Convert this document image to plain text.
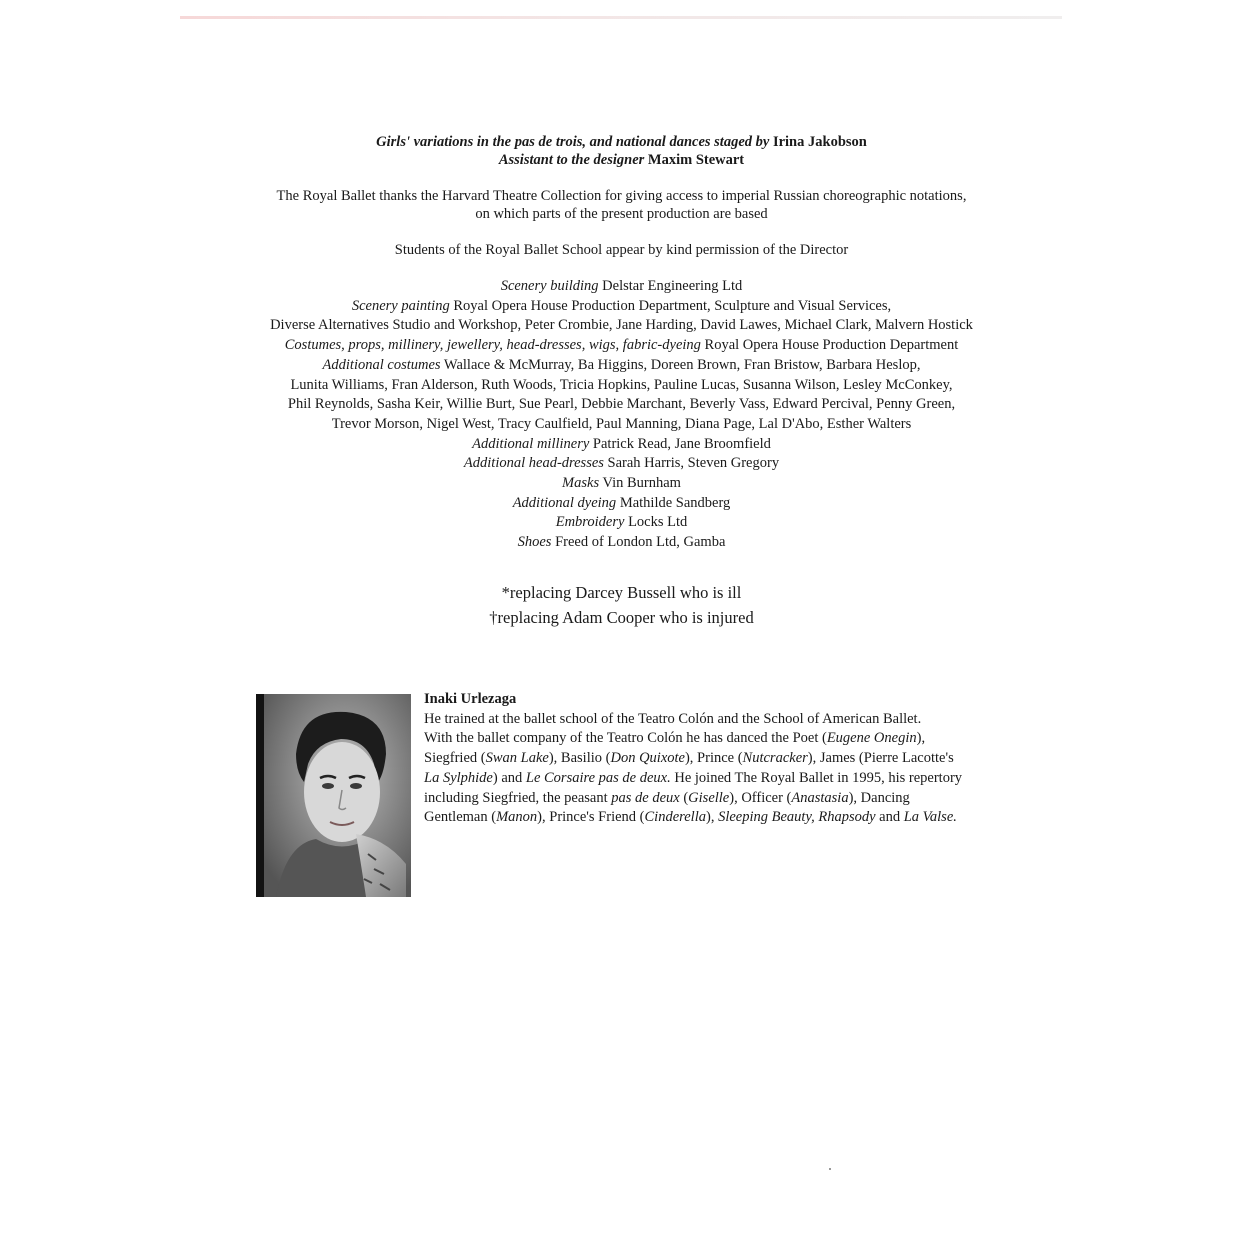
Girls' variations in the pas de trois, and national dances staged by Irina Jakobson
Assistant to the designer Maxim Stewart
The Royal Ballet thanks the Harvard Theatre Collection for giving access to imperial Russian choreographic notations,
on which parts of the present production are based
Students of the Royal Ballet School appear by kind permission of the Director
Scenery building Delstar Engineering Ltd
Scenery painting Royal Opera House Production Department, Sculpture and Visual Services,
Diverse Alternatives Studio and Workshop, Peter Crombie, Jane Harding, David Lawes, Michael Clark, Malvern Hostick
Costumes, props, millinery, jewellery, head-dresses, wigs, fabric-dyeing Royal Opera House Production Department
Additional costumes Wallace & McMurray, Ba Higgins, Doreen Brown, Fran Bristow, Barbara Heslop,
Lunita Williams, Fran Alderson, Ruth Woods, Tricia Hopkins, Pauline Lucas, Susanna Wilson, Lesley McConkey,
Phil Reynolds, Sasha Keir, Willie Burt, Sue Pearl, Debbie Marchant, Beverly Vass, Edward Percival, Penny Green,
Trevor Morson, Nigel West, Tracy Caulfield, Paul Manning, Diana Page, Lal D'Abo, Esther Walters
Additional millinery Patrick Read, Jane Broomfield
Additional head-dresses Sarah Harris, Steven Gregory
Masks Vin Burnham
Additional dyeing Mathilde Sandberg
Embroidery Locks Ltd
Shoes Freed of London Ltd, Gamba
*replacing Darcey Bussell who is ill
†replacing Adam Cooper who is injured
Inaki Urlezaga
He trained at the ballet school of the Teatro Colón and the School of American Ballet.
With the ballet company of the Teatro Colón he has danced the Poet (Eugene Onegin),
Siegfried (Swan Lake), Basilio (Don Quixote), Prince (Nutcracker), James (Pierre Lacotte's
La Sylphide) and Le Corsaire pas de deux. He joined The Royal Ballet in 1995, his repertory
including Siegfried, the peasant pas de deux (Giselle), Officer (Anastasia), Dancing
Gentleman (Manon), Prince's Friend (Cinderella), Sleeping Beauty, Rhapsody and La Valse.
